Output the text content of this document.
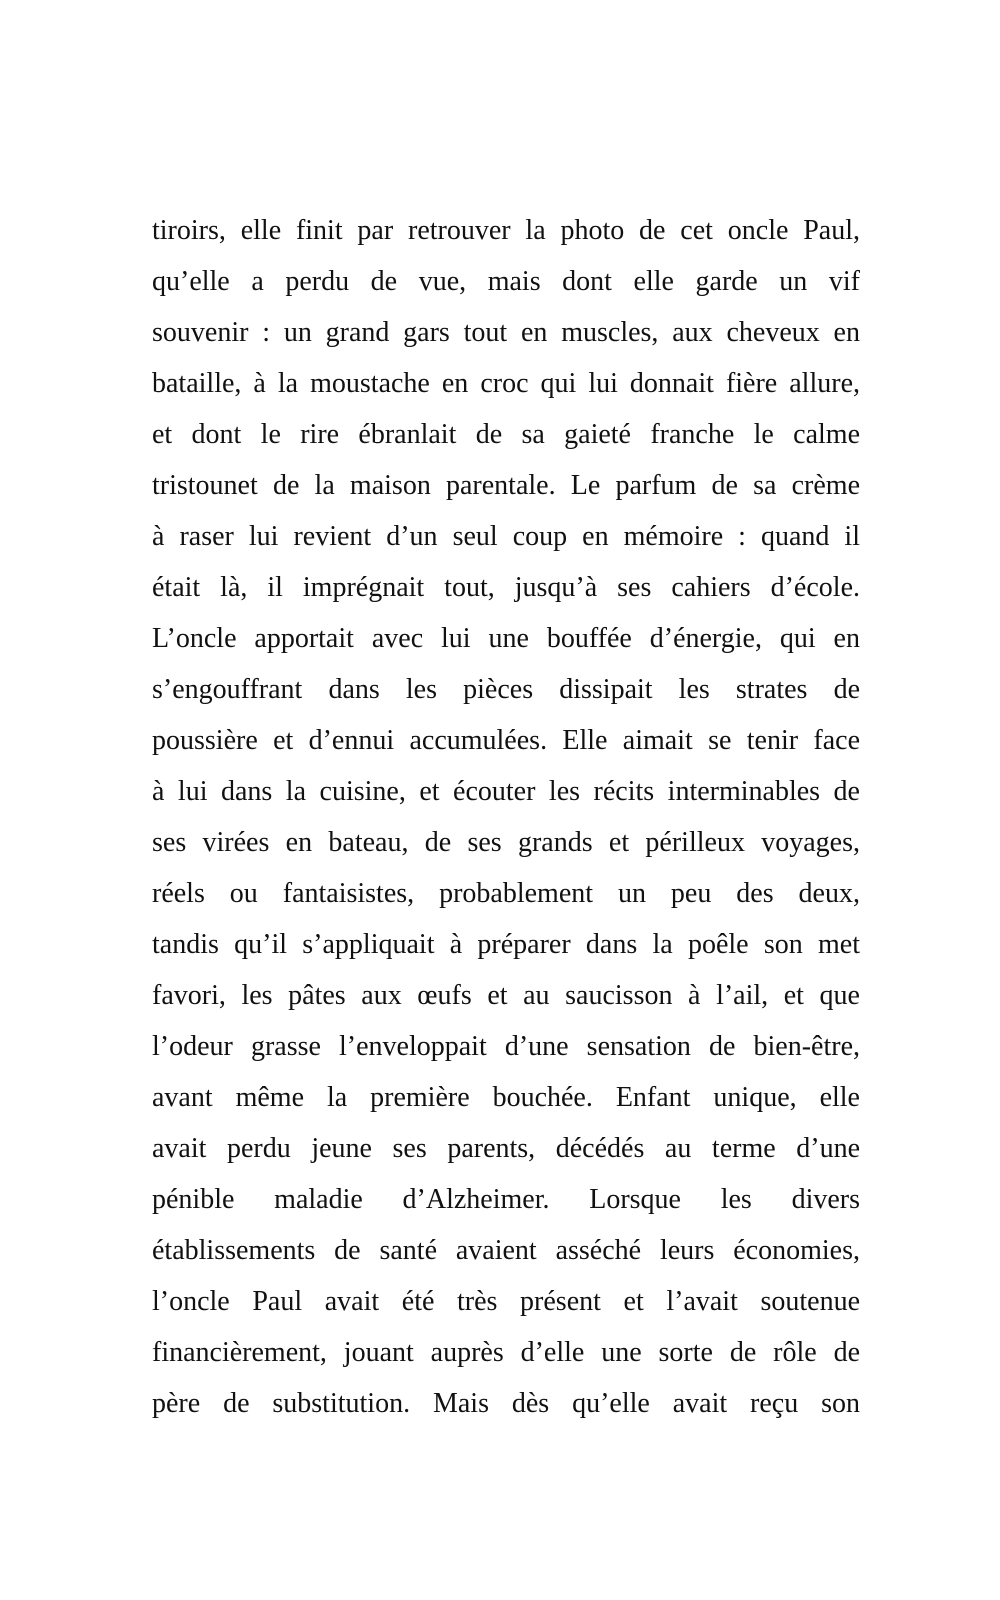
tiroirs, elle finit par retrouver la photo de cet oncle Paul,
qu’elle a perdu de vue, mais dont elle garde un vif
souvenir : un grand gars tout en muscles, aux cheveux en
bataille, à la moustache en croc qui lui donnait fière allure,
et dont le rire ébranlait de sa gaieté franche le calme
tristounet de la maison parentale. Le parfum de sa crème
à raser lui revient d’un seul coup en mémoire : quand il
était là, il imprégnait tout, jusqu’à ses cahiers d’école.
L’oncle apportait avec lui une bouffée d’énergie, qui en
s’engouffrant dans les pièces dissipait les strates de
poussière et d’ennui accumulées. Elle aimait se tenir face
à lui dans la cuisine, et écouter les récits interminables de
ses virées en bateau, de ses grands et périlleux voyages,
réels ou fantaisistes, probablement un peu des deux,
tandis qu’il s’appliquait à préparer dans la poêle son met
favori, les pâtes aux œufs et au saucisson à l’ail, et que
l’odeur grasse l’enveloppait d’une sensation de bien-être,
avant même la première bouchée. Enfant unique, elle
avait perdu jeune ses parents, décédés au terme d’une
pénible maladie d’Alzheimer. Lorsque les divers
établissements de santé avaient asséché leurs économies,
l’oncle Paul avait été très présent et l’avait soutenue
financièrement, jouant auprès d’elle une sorte de rôle de
père de substitution. Mais dès qu’elle avait reçu son
